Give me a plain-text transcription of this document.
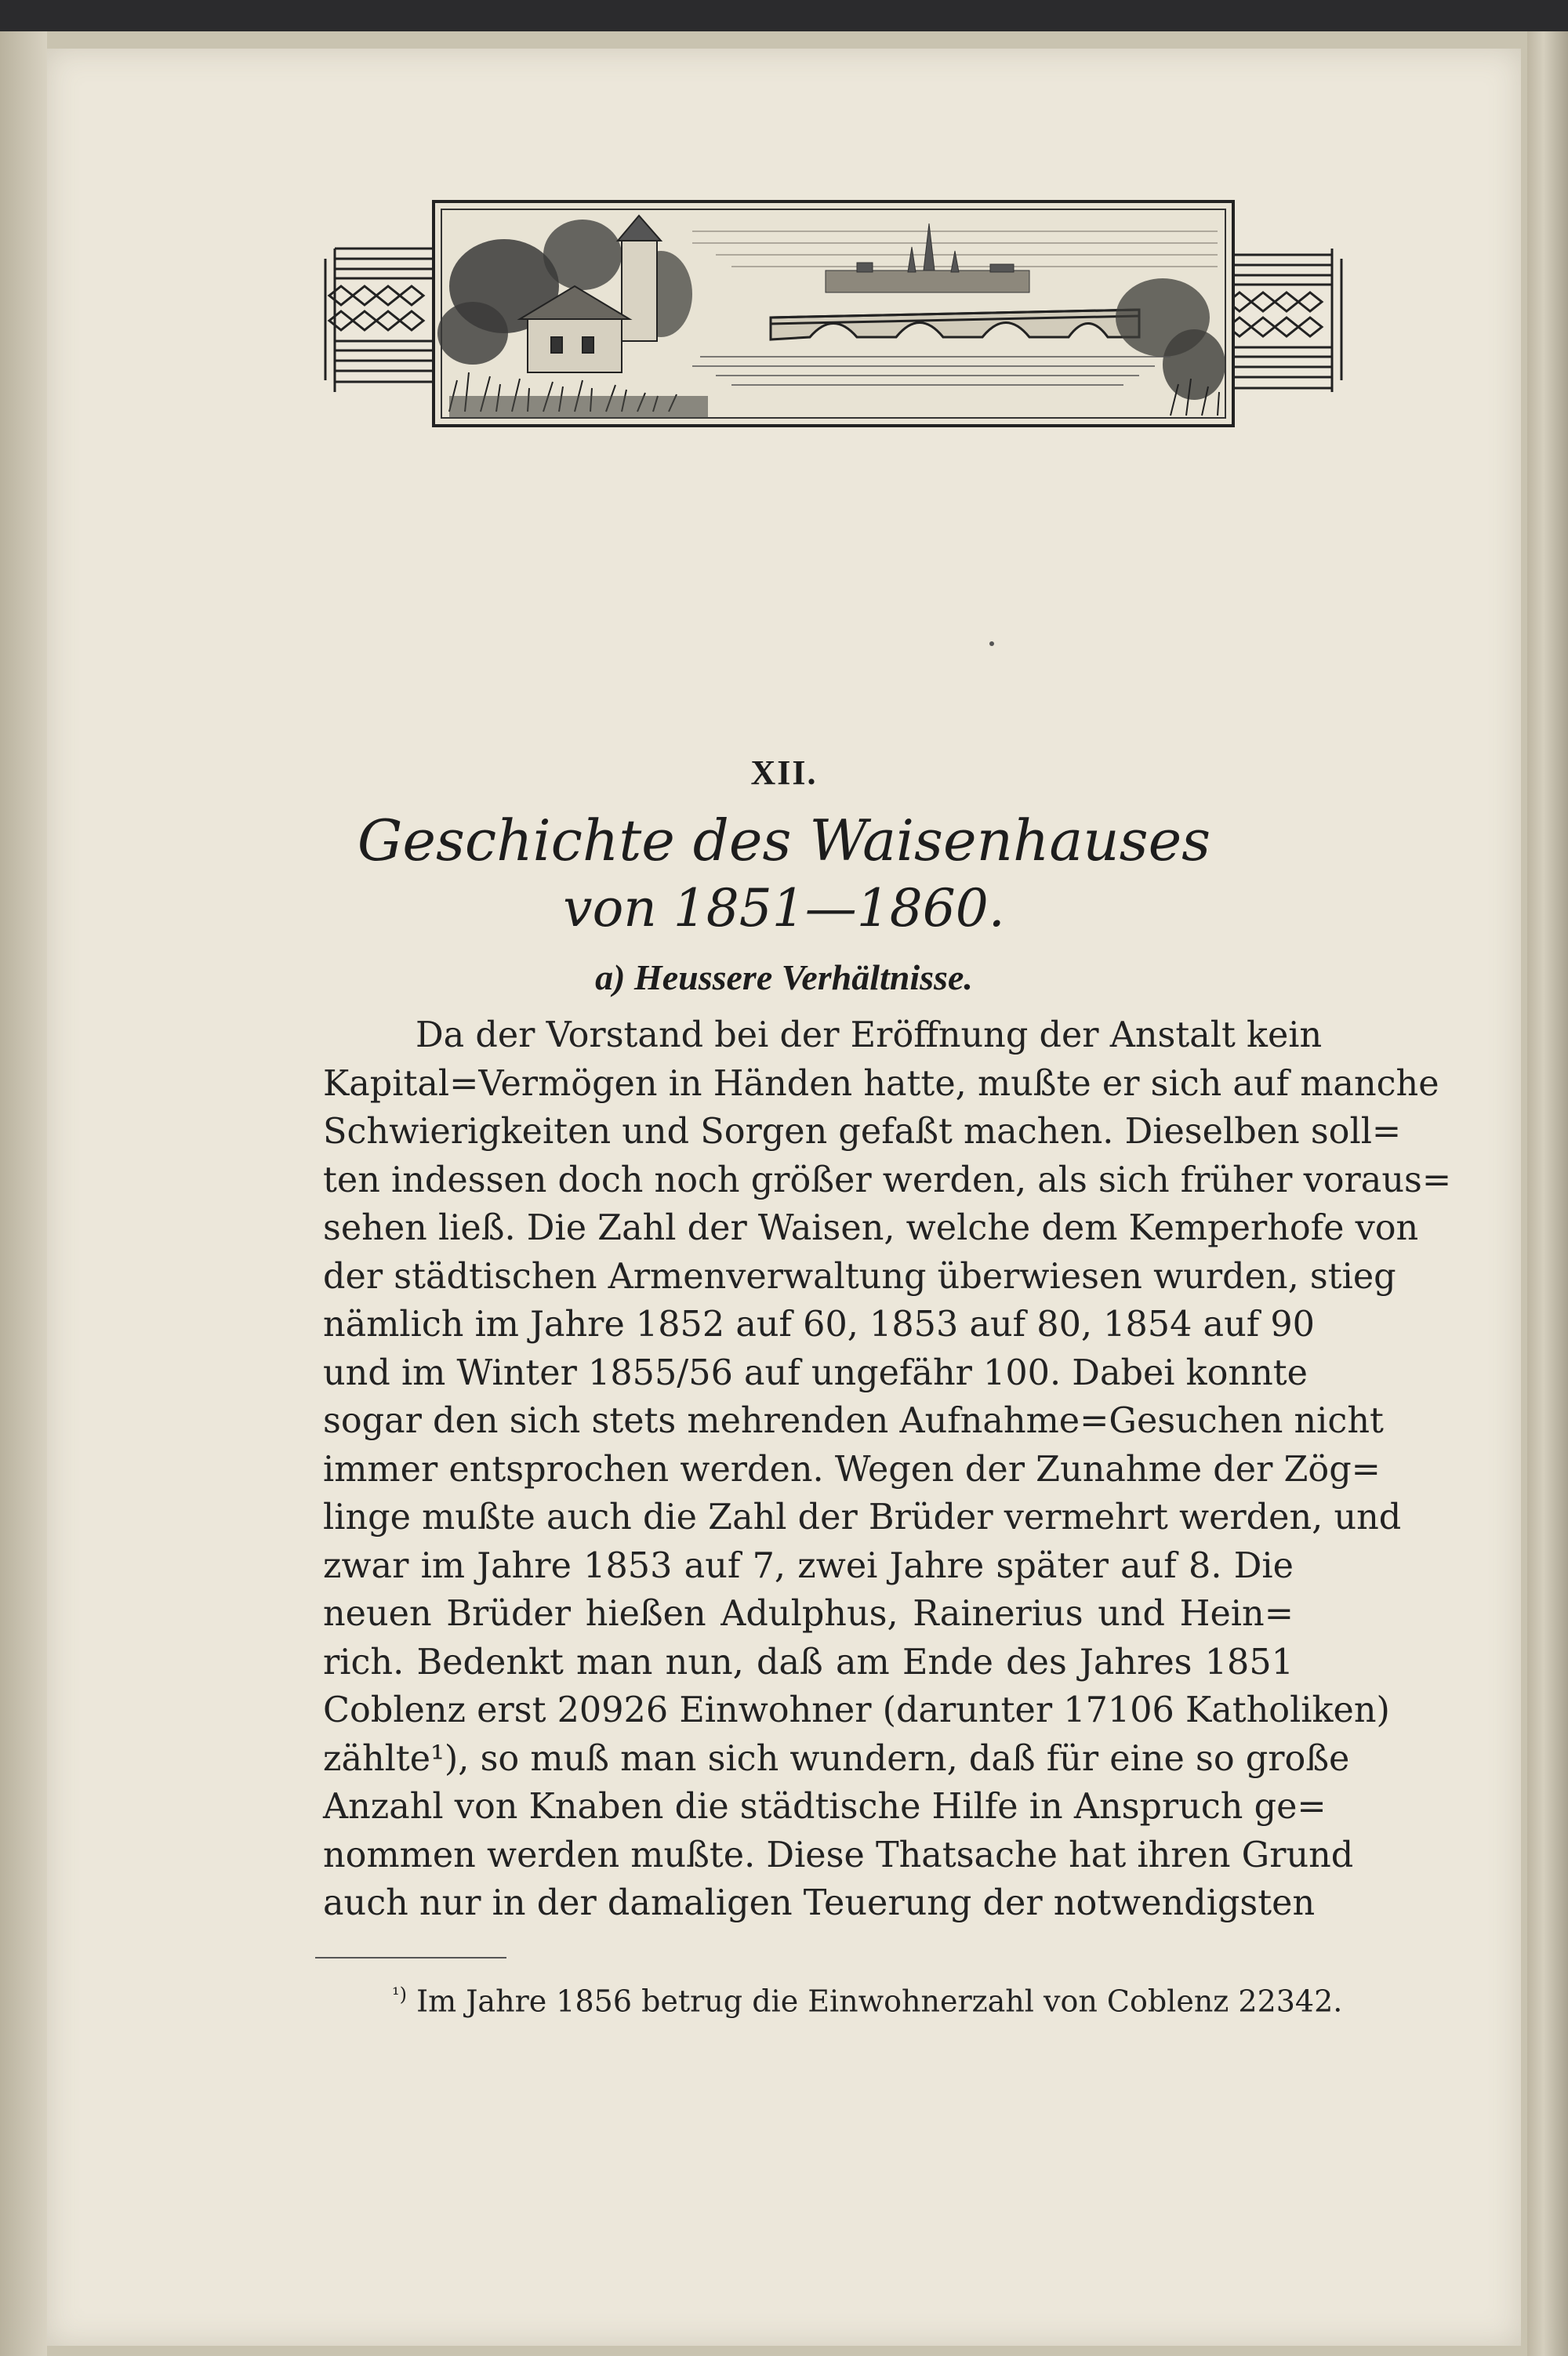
XII.
Geschichte des Waisenhauses
von 1851—1860.
a) Heussere Verhältnisse.
Da der Vorstand bei der Eröffnung der Anstalt kein
Kapital=Vermögen in Händen hatte, mußte er sich auf manche
Schwierigkeiten und Sorgen gefaßt machen. Dieselben soll=
ten indessen doch noch größer werden, als sich früher voraus=
sehen ließ. Die Zahl der Waisen, welche dem Kemperhofe von
der städtischen Armenverwaltung überwiesen wurden, stieg
nämlich im Jahre 1852 auf 60, 1853 auf 80, 1854 auf 90
und im Winter 1855/56 auf ungefähr 100. Dabei konnte
sogar den sich stets mehrenden Aufnahme=Gesuchen nicht
immer entsprochen werden. Wegen der Zunahme der Zög=
linge mußte auch die Zahl der Brüder vermehrt werden, und
zwar im Jahre 1853 auf 7, zwei Jahre später auf 8. Die
neuen Brüder hießen Adulphus, Rainerius und Hein=
rich. Bedenkt man nun, daß am Ende des Jahres 1851
Coblenz erst 20926 Einwohner (darunter 17106 Katholiken)
zählte¹), so muß man sich wundern, daß für eine so große
Anzahl von Knaben die städtische Hilfe in Anspruch ge=
nommen werden mußte. Diese Thatsache hat ihren Grund
auch nur in der damaligen Teuerung der notwendigsten
$^{^1)}$ Im Jahre 1856 betrug die Einwohnerzahl von Coblenz 22342.
